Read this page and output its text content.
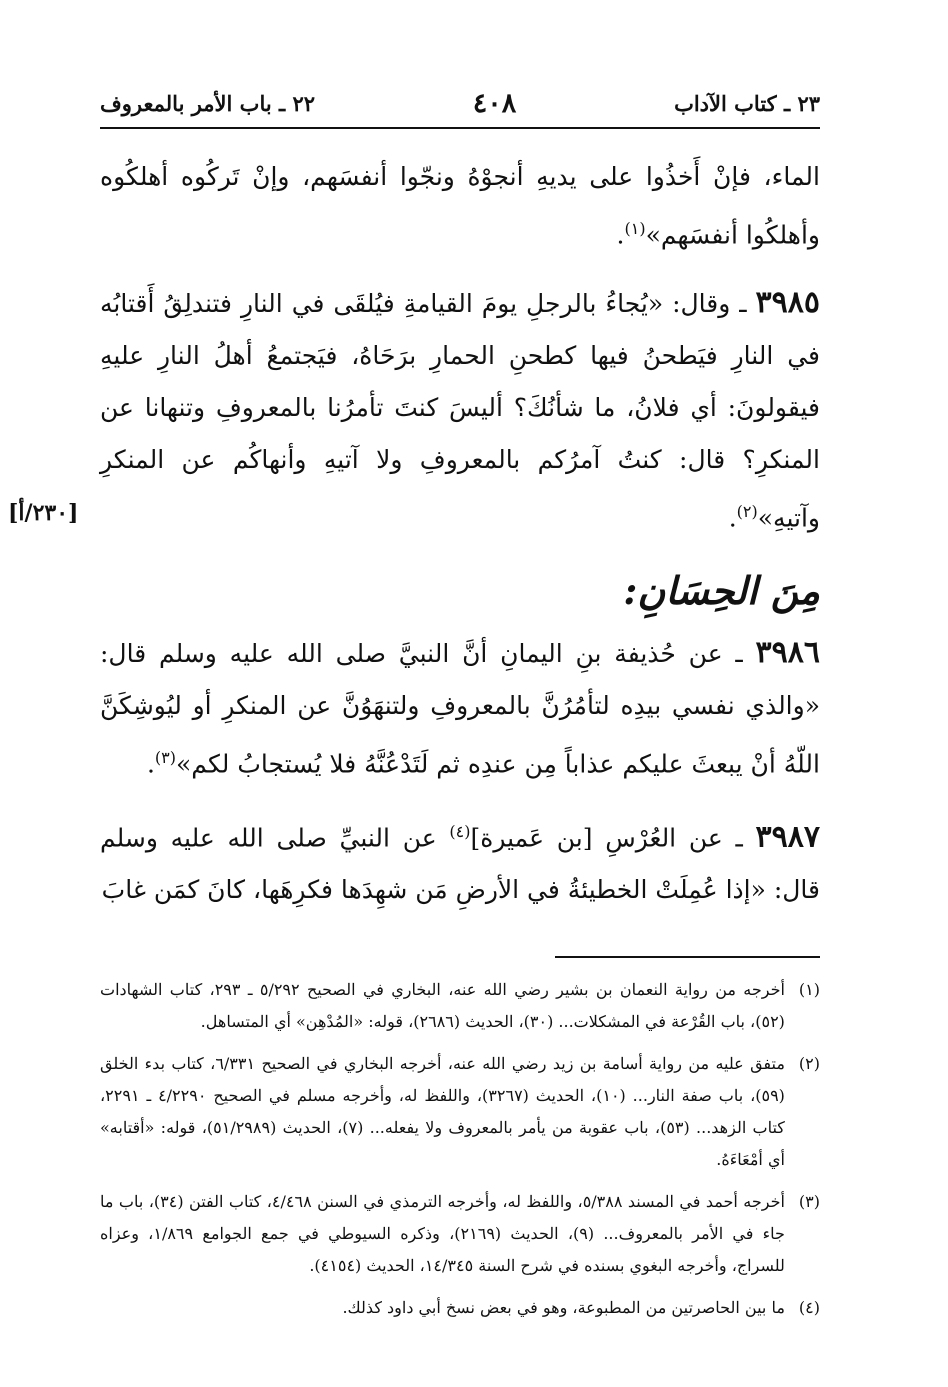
٢٣ ـ كتاب الآداب
٤٠٨
٢٢ ـ باب الأمر بالمعروف

الماء، فإنْ أَخذُوا على يديهِ أنجوْهُ ونجّوا أنفسَهم، وإنْ تَركُوه أهلكُوه وأهلكُوا أنفسَهم»$^{(١)}$.

٣٩٨٥ ـ وقال: «يُجاءُ بالرجلِ يومَ القيامةِ فيُلقَى في النارِ فتندلِقُ أَقتابُه في النارِ فيَطحنُ فيها كطحنِ الحمارِ برَحَاهُ، فيَجتمعُ أهلُ النارِ عليهِ فيقولونَ: أي فلانُ، ما شأنُكَ؟ أليسَ كنتَ تأمرُنا بالمعروفِ وتنهانا عن المنكرِ؟ قال: كنتُ آمرُكم بالمعروفِ ولا آتيهِ وأنهاكُم عن المنكرِ وآتيهِ»$^{(٢)}$.
[٢٣٠/أ]

مِنَ الحِسَانِ:

٣٩٨٦ ـ عن حُذيفة بنِ اليمانِ أنَّ النبيَّ صلى الله عليه وسلم قال: «والذي نفسي بيدِه لتأمُرُنَّ بالمعروفِ ولتنهَوُنَّ عن المنكرِ أو ليُوشِكَنَّ اللّهُ أنْ يبعثَ عليكم عذاباً مِن عندِه ثم لَتَدْعُنَّهُ فلا يُستجابُ لكم»$^{(٣)}$.

٣٩٨٧ ـ عن العُرْسِ [بن عَميرة]$^{(٤)}$ عن النبيِّ صلى الله عليه وسلم قال: «إذا عُمِلَتْ الخطيئةُ في الأرضِ مَن شهِدَها فكرِهَها، كانَ كمَن غابَ

(١)
أخرجه من رواية النعمان بن بشير رضي الله عنه، البخاري في الصحيح ٥/٢٩٢ ـ ٢٩٣، كتاب الشهادات (٥٢)، باب القُرْعة في المشكلات... (٣٠)، الحديث (٢٦٨٦)، قوله: «المُدْهِن» أي المتساهل.
(٢)
متفق عليه من رواية أسامة بن زيد رضي الله عنه، أخرجه البخاري في الصحيح ٦/٣٣١، كتاب بدء الخلق (٥٩)، باب صفة النار... (١٠)، الحديث (٣٢٦٧)، واللفظ له، وأخرجه مسلم في الصحيح ٤/٢٢٩٠ ـ ٢٢٩١، كتاب الزهد... (٥٣)، باب عقوبة من يأمر بالمعروف ولا يفعله... (٧)، الحديث (٥١/٢٩٨٩)، قوله: «أقتابه» أي أمْعَاءَهُ.
(٣)
أخرجه أحمد في المسند ٥/٣٨٨، واللفظ له، وأخرجه الترمذي في السنن ٤/٤٦٨، كتاب الفتن (٣٤)، باب ما جاء في الأمر بالمعروف... (٩)، الحديث (٢١٦٩)، وذكره السيوطي في جمع الجوامع ١/٨٦٩، وعزاه للسراج، وأخرجه البغوي بسنده في شرح السنة ١٤/٣٤٥، الحديث (٤١٥٤).
(٤)
ما بين الحاصرتين من المطبوعة، وهو في بعض نسخ أبي داود كذلك.
